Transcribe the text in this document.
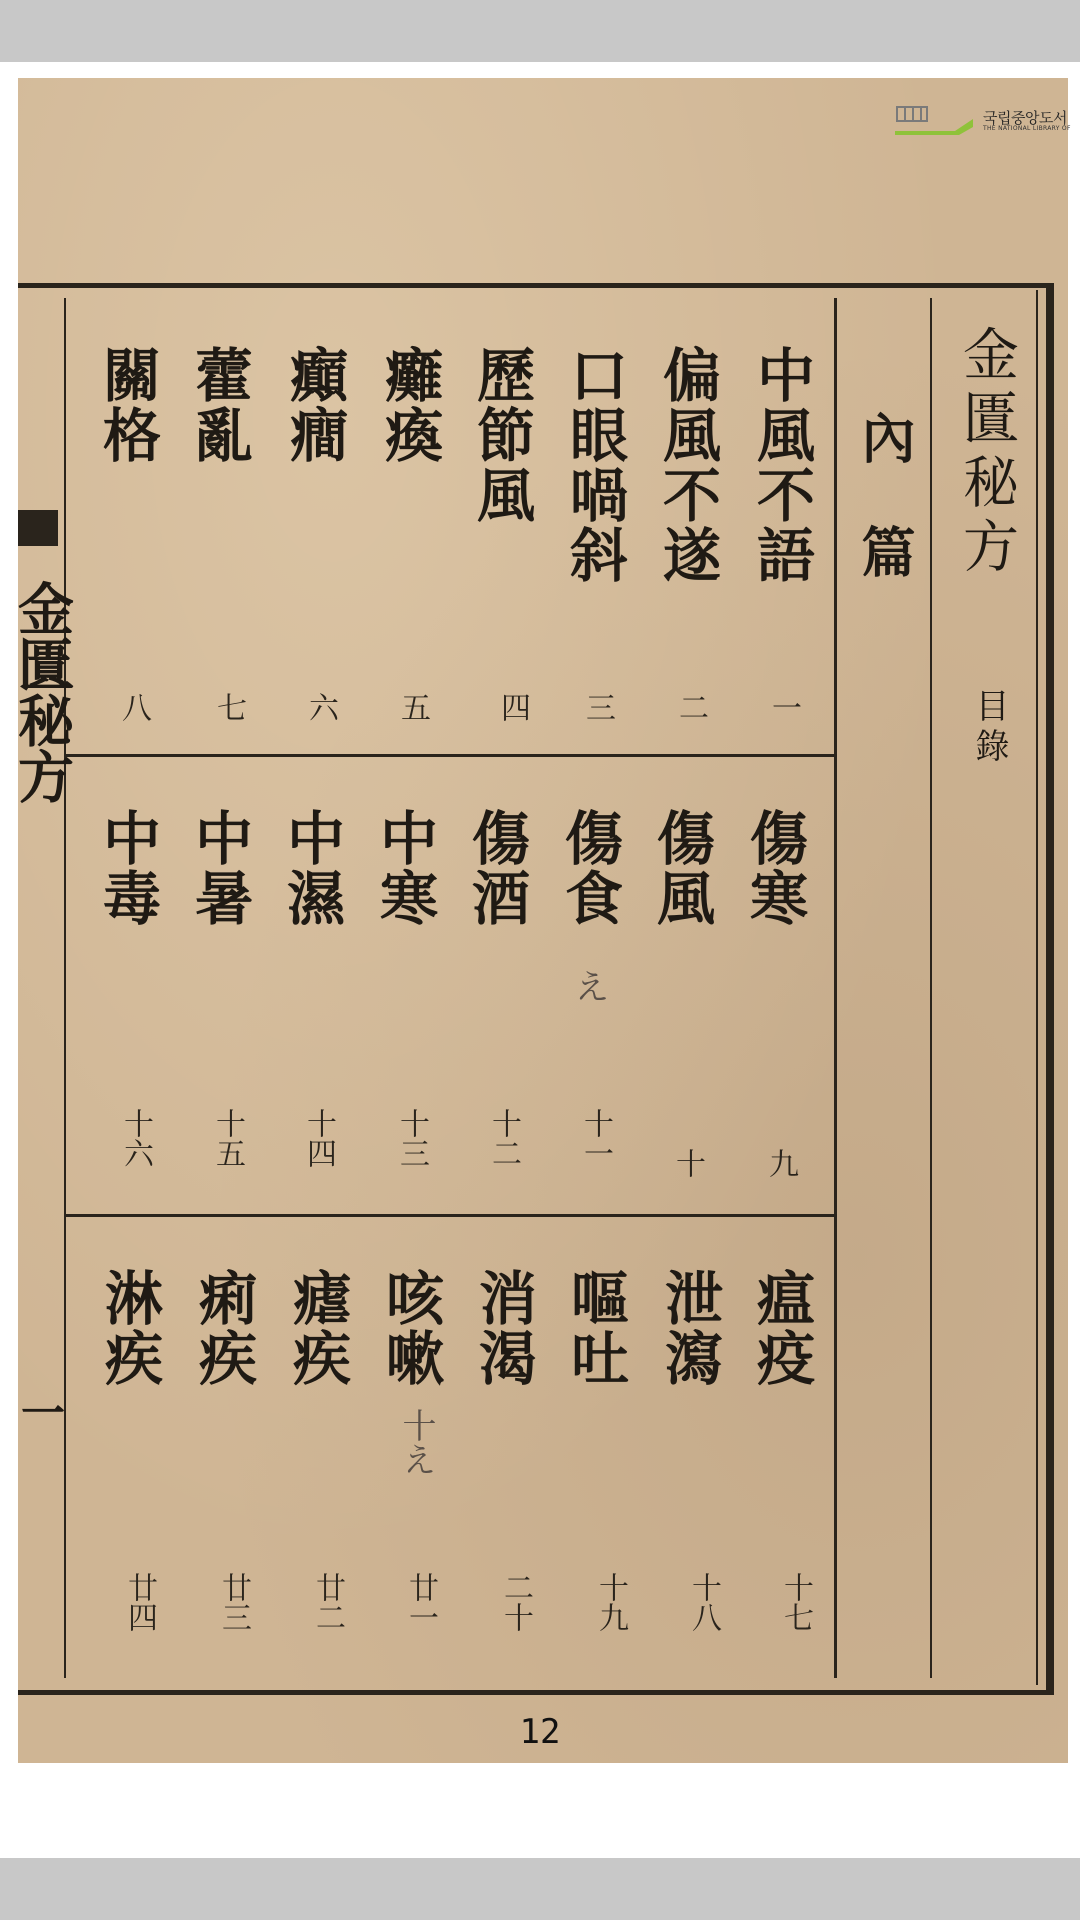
국립중앙도서
THE NATIONAL LIBRARY OF
金匱秘方
一
金匱秘方
目錄
內篇
中風不語
偏風不遂
口眼喎斜
歷節風
癱瘓
癲癎
藿亂
關格
一
二
三
四
五
六
七
八
傷寒
傷風
傷食
傷酒
中寒
中濕
中暑
中毒
九
十
十一
十二
十三
十四
十五
十六
え
瘟疫
泄瀉
嘔吐
消渴
咳嗽
瘧疾
痢疾
淋疾
十七
十八
十九
二十
廿一
廿二
廿三
廿四
十え
12
